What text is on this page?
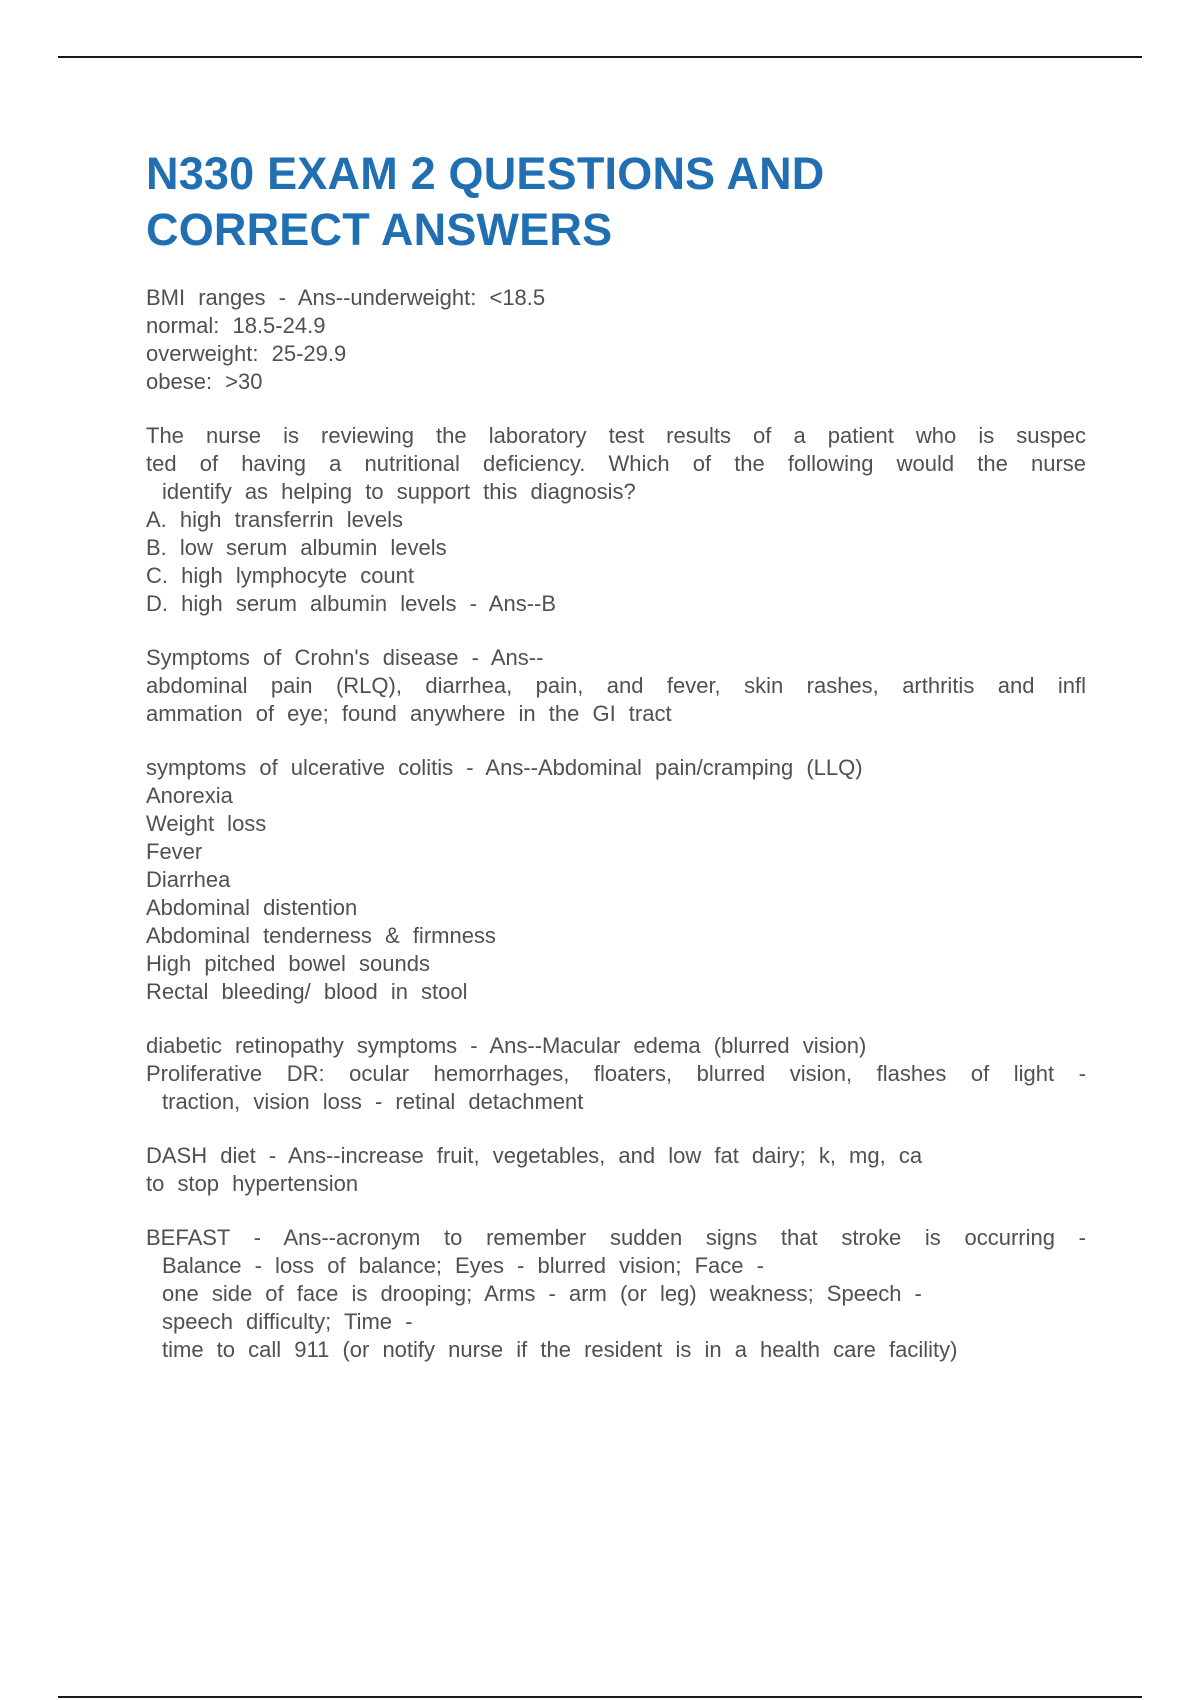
N330 EXAM 2 QUESTIONS AND
CORRECT ANSWERS
BMI ranges - Ans--underweight: <18.5
normal: 18.5-24.9
overweight: 25-29.9
obese: >30
The nurse is reviewing the laboratory test results of a patient who is suspec
ted of having a nutritional deficiency. Which of the following would the nurse
identify as helping to support this diagnosis?
A. high transferrin levels
B. low serum albumin levels
C. high lymphocyte count
D. high serum albumin levels - Ans--B
Symptoms of Crohn's disease - Ans--
abdominal pain (RLQ), diarrhea, pain, and fever, skin rashes, arthritis and infl
ammation of eye; found anywhere in the GI tract
symptoms of ulcerative colitis - Ans--Abdominal pain/cramping (LLQ)
Anorexia
Weight loss
Fever
Diarrhea
Abdominal distention
Abdominal tenderness & firmness
High pitched bowel sounds
Rectal bleeding/ blood in stool
diabetic retinopathy symptoms - Ans--Macular edema (blurred vision)
Proliferative DR: ocular hemorrhages, floaters, blurred vision, flashes of light -
traction, vision loss - retinal detachment
DASH diet - Ans--increase fruit, vegetables, and low fat dairy; k, mg, ca
to stop hypertension
BEFAST - Ans--acronym to remember sudden signs that stroke is occurring -
Balance - loss of balance; Eyes - blurred vision; Face -
one side of face is drooping; Arms - arm (or leg) weakness; Speech -
speech difficulty; Time -
time to call 911 (or notify nurse if the resident is in a health care facility)
